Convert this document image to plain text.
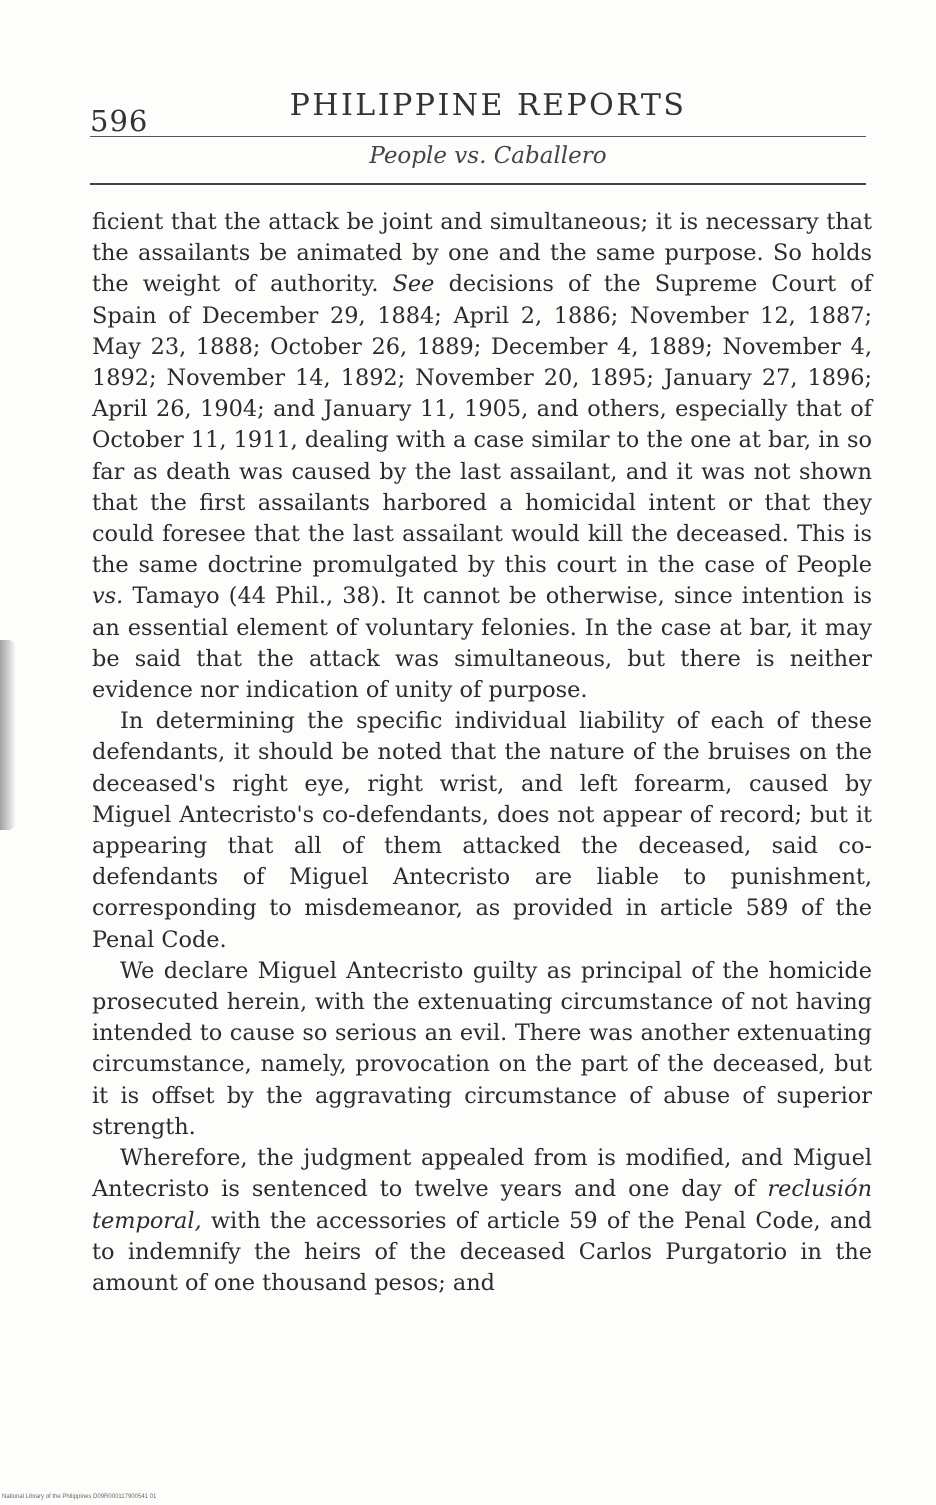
596	PHILIPPINE REPORTS
People vs. Caballero

ficient that the attack be joint and simultaneous; it is necessary that the assailants be animated by one and the same purpose. So holds the weight of authority. See decisions of the Supreme Court of Spain of December 29, 1884; April 2, 1886; November 12, 1887; May 23, 1888; October 26, 1889; December 4, 1889; November 4, 1892; November 14, 1892; November 20, 1895; January 27, 1896; April 26, 1904; and January 11, 1905, and others, especially that of October 11, 1911, dealing with a case similar to the one at bar, in so far as death was caused by the last assailant, and it was not shown that the first assailants harbored a homicidal intent or that they could foresee that the last assailant would kill the deceased. This is the same doctrine promulgated by this court in the case of People vs. Tamayo (44 Phil., 38). It cannot be otherwise, since intention is an essential element of voluntary felonies. In the case at bar, it may be said that the attack was simultaneous, but there is neither evidence nor indication of unity of purpose.

In determining the specific individual liability of each of these defendants, it should be noted that the nature of the bruises on the deceased's right eye, right wrist, and left forearm, caused by Miguel Antecristo's co-defendants, does not appear of record; but it appearing that all of them attacked the deceased, said co-defendants of Miguel Antecristo are liable to punishment, corresponding to misdemeanor, as provided in article 589 of the Penal Code.

We declare Miguel Antecristo guilty as principal of the homicide prosecuted herein, with the extenuating circumstance of not having intended to cause so serious an evil. There was another extenuating circumstance, namely, provocation on the part of the deceased, but it is offset by the aggravating circumstance of abuse of superior strength.

Wherefore, the judgment appealed from is modified, and Miguel Antecristo is sentenced to twelve years and one day of reclusión temporal, with the accessories of article 59 of the Penal Code, and to indemnify the heirs of the deceased Carlos Purgatorio in the amount of one thousand pesos; and

National Library of the Philippines D09R000117900541 01
